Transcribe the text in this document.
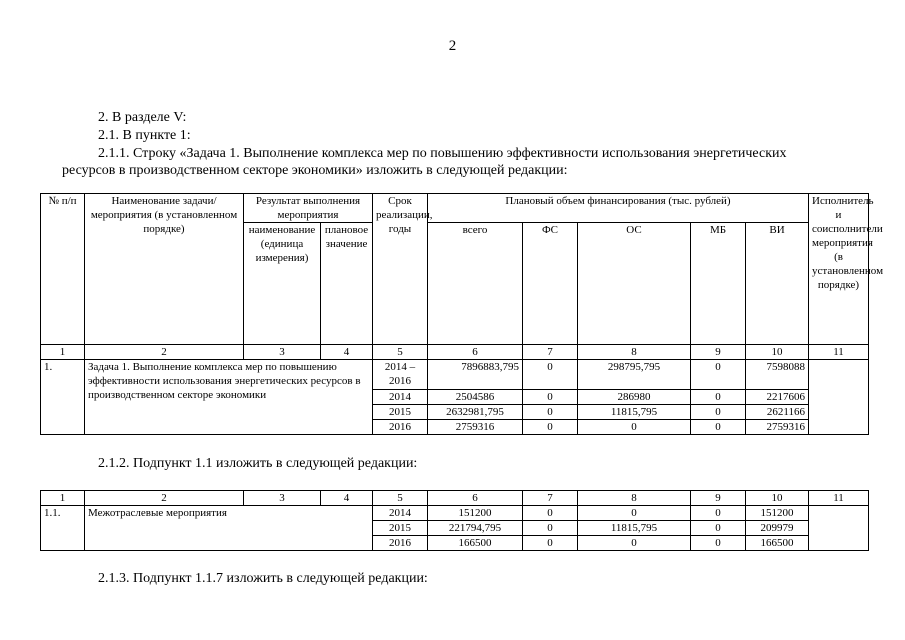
2
2. В разделе V:
2.1. В пункте 1:
2.1.1. Строку «Задача 1. Выполнение комплекса мер по повышению эффективности использования энергетических
ресурсов в производственном секторе экономики» изложить в следующей редакции:
№ п/п	Наименование задачи/мероприятия (в установленном порядке)	Результат выполнения мероприятия		Срок реализации, годы	Плановый объем финансирования (тыс. рублей)					Исполнитель и соисполнители мероприятия (в установленном порядке)
		наименование (единица измерения)	плановое значение		всего	ФС	ОС	МБ	ВИ	
1	2	3	4	5	6	7	8	9	10	11
1.	Задача 1. Выполнение комплекса мер по повышению эффективности использования энергетических ресурсов в производственном секторе экономики			2014 – 2016	7896883,795	0	298795,795	0	7598088	
				2014	2504586	0	286980	0	2217606	
				2015	2632981,795	0	11815,795	0	2621166	
				2016	2759316	0	0	0	2759316	
2.1.2. Подпункт 1.1 изложить в следующей редакции:
1	2	3	4	5	6	7	8	9	10	11
1.1.	Межотраслевые мероприятия			2014	151200	0	0	0	151200	
				2015	221794,795	0	11815,795	0	209979	
				2016	166500	0	0	0	166500	
2.1.3. Подпункт 1.1.7 изложить в следующей редакции:
